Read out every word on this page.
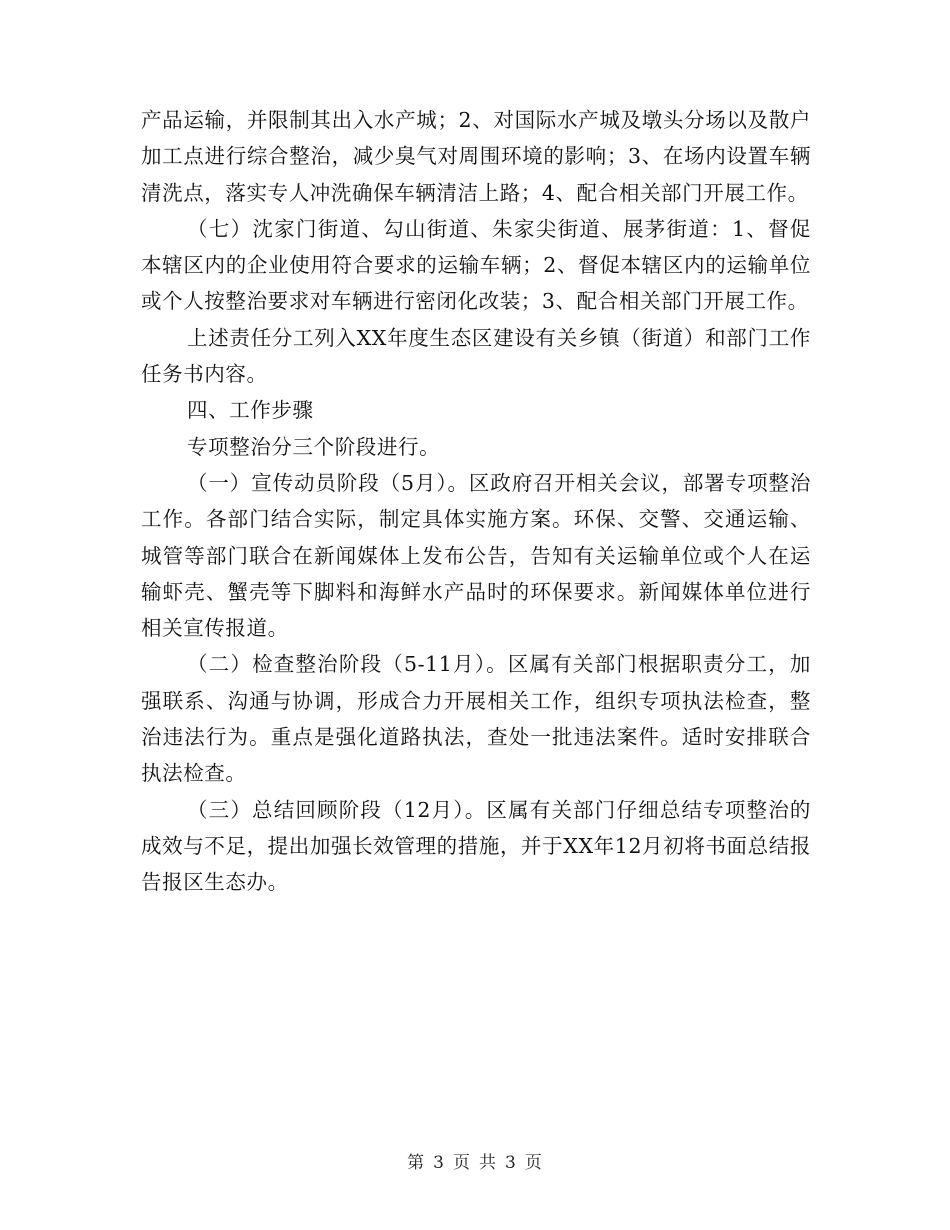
产品运输，并限制其出入水产城；2、对国际水产城及墩头分场以及散户加工点进行综合整治，减少臭气对周围环境的影响；3、在场内设置车辆清洗点，落实专人冲洗确保车辆清洁上路；4、配合相关部门开展工作。

（七）沈家门街道、勾山街道、朱家尖街道、展茅街道：1、督促本辖区内的企业使用符合要求的运输车辆；2、督促本辖区内的运输单位或个人按整治要求对车辆进行密闭化改装；3、配合相关部门开展工作。

上述责任分工列入XX年度生态区建设有关乡镇（街道）和部门工作任务书内容。

四、工作步骤

专项整治分三个阶段进行。

（一）宣传动员阶段（5月）。区政府召开相关会议，部署专项整治工作。各部门结合实际，制定具体实施方案。环保、交警、交通运输、城管等部门联合在新闻媒体上发布公告，告知有关运输单位或个人在运输虾壳、蟹壳等下脚料和海鲜水产品时的环保要求。新闻媒体单位进行相关宣传报道。

（二）检查整治阶段（5-11月）。区属有关部门根据职责分工，加强联系、沟通与协调，形成合力开展相关工作，组织专项执法检查，整治违法行为。重点是强化道路执法，查处一批违法案件。适时安排联合执法检查。

（三）总结回顾阶段（12月）。区属有关部门仔细总结专项整治的成效与不足，提出加强长效管理的措施，并于XX年12月初将书面总结报告报区生态办。

第 3 页 共 3 页
